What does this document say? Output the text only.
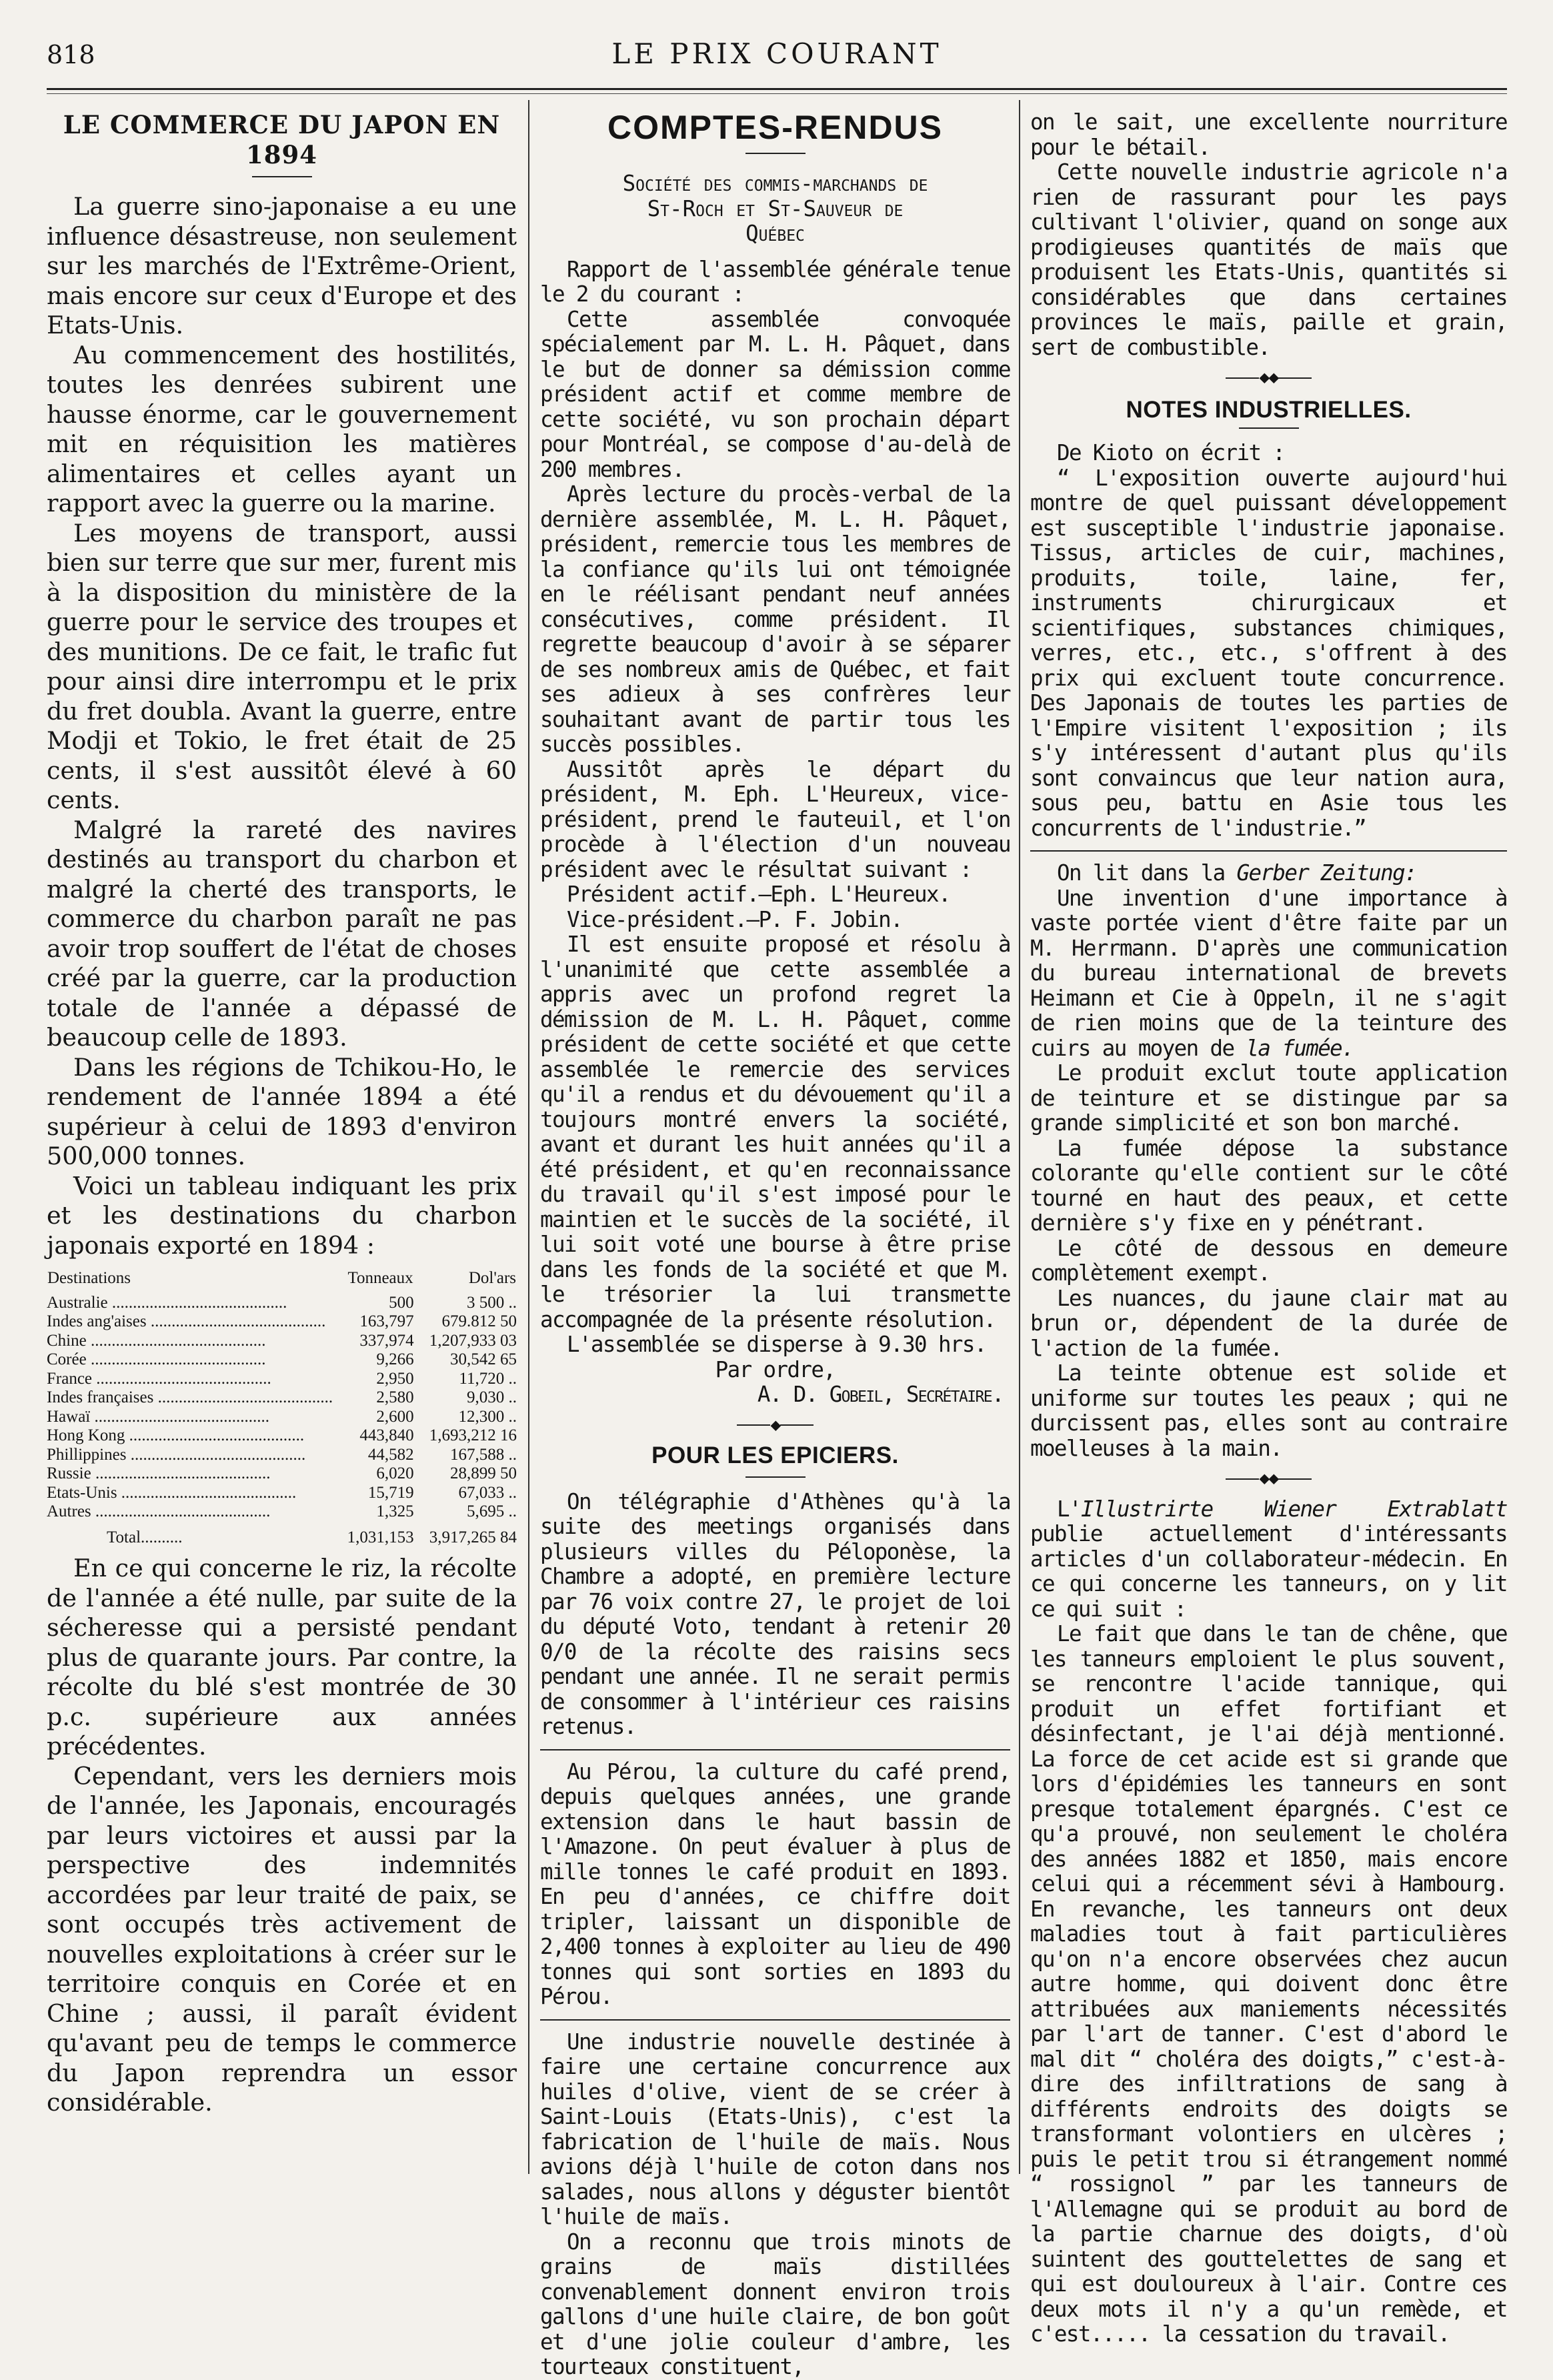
818	LE PRIX COURANT
LE COMMERCE DU JAPON EN 1894

La guerre sino-japonaise a eu une influence désastreuse, non seulement sur les marchés de l'Extrême-Orient, mais encore sur ceux d'Europe et des Etats-Unis.

Au commencement des hostilités, toutes les denrées subirent une hausse énorme, car le gouvernement mit en réquisition les matières alimentaires et celles ayant un rapport avec la guerre ou la marine.

Les moyens de transport, aussi bien sur terre que sur mer, furent mis à la disposition du ministère de la guerre pour le service des troupes et des munitions. De ce fait, le trafic fut pour ainsi dire interrompu et le prix du fret doubla. Avant la guerre, entre Modji et Tokio, le fret était de 25 cents, il s'est aussitôt élevé à 60 cents.

Malgré la rareté des navires destinés au transport du charbon et malgré la cherté des transports, le commerce du charbon paraît ne pas avoir trop souffert de l'état de choses créé par la guerre, car la production totale de l'année a dépassé de beaucoup celle de 1893.

Dans les régions de Tchikou-Ho, le rendement de l'année 1894 a été supérieur à celui de 1893 d'environ 500,000 tonnes.

Voici un tableau indiquant les prix et les destinations du charbon japonais exporté en 1894 :

Destinations	Tonneaux	Dol'ars
Australie .....	500	3 500 ..
Indes ang'aises .....	163,797	679.812 50
Chine .....	337,974	1,207,933 03
Corée .....	9,266	30,542 65
France .....	2,950	11,720 ..
Indes françaises .....	2,580	9,030 ..
Hawaï .....	2,600	12,300 ..
Hong Kong .....	443,840	1,693,212 16
Phillippines .....	44,582	167,588 ..
Russie .....	6,020	28,899 50
Etats-Unis .....	15,719	67,033 ..
Autres .....	1,325	5,695 ..
Total..........	1,031,153	3,917,265 84

En ce qui concerne le riz, la récolte de l'année a été nulle, par suite de la sécheresse qui a persisté pendant plus de quarante jours. Par contre, la récolte du blé s'est montrée de 30 p.c. supérieure aux années précédentes.

Cependant, vers les derniers mois de l'année, les Japonais, encouragés par leurs victoires et aussi par la perspective des indemnités accordées par leur traité de paix, se sont occupés très activement de nouvelles exploitations à créer sur le territoire conquis en Corée et en Chine ; aussi, il paraît évident qu'avant peu de temps le commerce du Japon reprendra un essor considérable.

COMPTES-RENDUS
Société des commis-marchands de
St-Roch et St-Sauveur de
Québec

Rapport de l'assemblée générale tenue le 2 du courant :

Cette assemblée convoquée spécialement par M. L. H. Pâquet, dans le but de donner sa démission comme président actif et comme membre de cette société, vu son prochain départ pour Montréal, se compose d'au-delà de 200 membres.

Après lecture du procès-verbal de la dernière assemblée, M. L. H. Pâquet, président, remercie tous les membres de la confiance qu'ils lui ont témoignée en le réélisant pendant neuf années consécutives, comme président. Il regrette beaucoup d'avoir à se séparer de ses nombreux amis de Québec, et fait ses adieux à ses confrères leur souhaitant avant de partir tous les succès possibles.

Aussitôt après le départ du président, M. Eph. L'Heureux, vice-président, prend le fauteuil, et l'on procède à l'élection d'un nouveau président avec le résultat suivant :

Président actif.—Eph. L'Heureux.

Vice-président.—P. F. Jobin.

Il est ensuite proposé et résolu à l'unanimité que cette assemblée a appris avec un profond regret la démission de M. L. H. Pâquet, comme président de cette société et que cette assemblée le remercie des services qu'il a rendus et du dévouement qu'il a toujours montré envers la société, avant et durant les huit années qu'il a été président, et qu'en reconnaissance du travail qu'il s'est imposé pour le maintien et le succès de la société, il lui soit voté une bourse à être prise dans les fonds de la société et que M. le trésorier la lui transmette accompagnée de la présente résolution.

L'assemblée se disperse à 9.30 hrs.

Par ordre,

A. D. Gobeil, Secrétaire.

◆
POUR LES EPICIERS.

On télégraphie d'Athènes qu'à la suite des meetings organisés dans plusieurs villes du Péloponèse, la Chambre a adopté, en première lecture par 76 voix contre 27, le projet de loi du député Voto, tendant à retenir 20 0/0 de la récolte des raisins secs pendant une année. Il ne serait permis de consommer à l'intérieur ces raisins retenus.

Au Pérou, la culture du café prend, depuis quelques années, une grande extension dans le haut bassin de l'Amazone. On peut évaluer à plus de mille tonnes le café produit en 1893. En peu d'années, ce chiffre doit tripler, laissant un disponible de 2,400 tonnes à exploiter au lieu de 490 tonnes qui sont sorties en 1893 du Pérou.

Une industrie nouvelle destinée à faire une certaine concurrence aux huiles d'olive, vient de se créer à Saint-Louis (Etats-Unis), c'est la fabrication de l'huile de maïs. Nous avions déjà l'huile de coton dans nos salades, nous allons y déguster bientôt l'huile de maïs.

On a reconnu que trois minots de grains de maïs distillées convenablement donnent environ trois gallons d'une huile claire, de bon goût et d'une jolie couleur d'ambre, les tourteaux constituent,

on le sait, une excellente nourriture pour le bétail.

Cette nouvelle industrie agricole n'a rien de rassurant pour les pays cultivant l'olivier, quand on songe aux prodigieuses quantités de maïs que produisent les Etats-Unis, quantités si considérables que dans certaines provinces le maïs, paille et grain, sert de combustible.

◆◆
NOTES INDUSTRIELLES.

De Kioto on écrit :

“ L'exposition ouverte aujourd'hui montre de quel puissant développement est susceptible l'industrie japonaise. Tissus, articles de cuir, machines, produits, toile, laine, fer, instruments chirurgicaux et scientifiques, substances chimiques, verres, etc., etc., s'offrent à des prix qui excluent toute concurrence. Des Japonais de toutes les parties de l'Empire visitent l'exposition ; ils s'y intéressent d'autant plus qu'ils sont convaincus que leur nation aura, sous peu, battu en Asie tous les concurrents de l'industrie.”

On lit dans la Gerber Zeitung:

Une invention d'une importance à vaste portée vient d'être faite par un M. Herrmann. D'après une communication du bureau international de brevets Heimann et Cie à Oppeln, il ne s'agit de rien moins que de la teinture des cuirs au moyen de la fumée.

Le produit exclut toute application de teinture et se distingue par sa grande simplicité et son bon marché.

La fumée dépose la substance colorante qu'elle contient sur le côté tourné en haut des peaux, et cette dernière s'y fixe en y pénétrant.

Le côté de dessous en demeure complètement exempt.

Les nuances, du jaune clair mat au brun or, dépendent de la durée de l'action de la fumée.

La teinte obtenue est solide et uniforme sur toutes les peaux ; qui ne durcissent pas, elles sont au contraire moelleuses à la main.

◆◆

L'Illustrirte Wiener Extrablatt publie actuellement d'intéressants articles d'un collaborateur-médecin. En ce qui concerne les tanneurs, on y lit ce qui suit :

Le fait que dans le tan de chêne, que les tanneurs emploient le plus souvent, se rencontre l'acide tannique, qui produit un effet fortifiant et désinfectant, je l'ai déjà mentionné. La force de cet acide est si grande que lors d'épidémies les tanneurs en sont presque totalement épargnés. C'est ce qu'a prouvé, non seulement le choléra des années 1882 et 1850, mais encore celui qui a récemment sévi à Hambourg. En revanche, les tanneurs ont deux maladies tout à fait particulières qu'on n'a encore observées chez aucun autre homme, qui doivent donc être attribuées aux maniements nécessités par l'art de tanner. C'est d'abord le mal dit “ choléra des doigts,” c'est-à-dire des infiltrations de sang à différents endroits des doigts se transformant volontiers en ulcères ; puis le petit trou si étrangement nommé “ rossignol ” par les tanneurs de l'Allemagne qui se produit au bord de la partie charnue des doigts, d'où suintent des gouttelettes de sang et qui est douloureux à l'air. Contre ces deux mots il n'y a qu'un remède, et c'est..... la cessation du travail.
